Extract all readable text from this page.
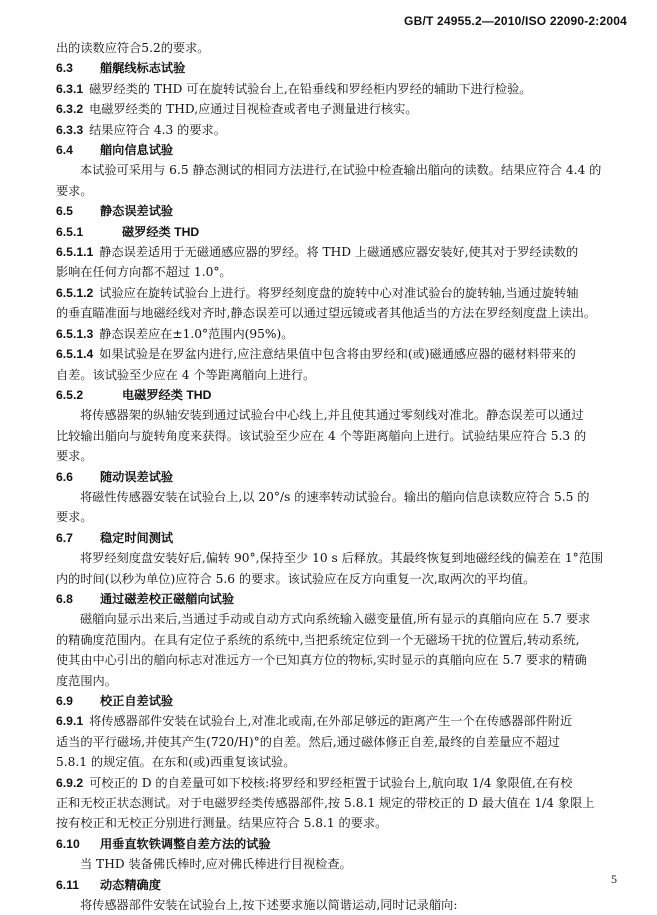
GB/T 24955.2—2010/ISO 22090-2:2004
出的读数应符合5.2的要求。
6.3 艏艉线标志试验
6.3.1 磁罗经类的 THD 可在旋转试验台上,在铅垂线和罗经柜内罗经的辅助下进行检验。
6.3.2 电磁罗经类的 THD,应通过目视检查或者电子测量进行核实。
6.3.3 结果应符合 4.3 的要求。
6.4 艏向信息试验
本试验可采用与 6.5 静态测试的相同方法进行,在试验中检查输出艏向的读数。结果应符合 4.4 的
要求。
6.5 静态误差试验
6.5.1	磁罗经类 THD
6.5.1.1 静态误差适用于无磁通感应器的罗经。将 THD 上磁通感应器安装好,使其对于罗经读数的
影响在任何方向都不超过 1.0°。
6.5.1.2 试验应在旋转试验台上进行。将罗经刻度盘的旋转中心对准试验台的旋转轴,当通过旋转轴
的垂直瞄准面与地磁经线对齐时,静态误差可以通过望远镜或者其他适当的方法在罗经刻度盘上读出。
6.5.1.3 静态误差应在±1.0°范围内(95%)。
6.5.1.4 如果试验是在罗盆内进行,应注意结果值中包含将由罗经和(或)磁通感应器的磁材料带来的
自差。该试验至少应在 4 个等距离艏向上进行。
6.5.2	电磁罗经类 THD
将传感器架的纵轴安装到通过试验台中心线上,并且使其通过零刻线对准北。静态误差可以通过
比较输出艏向与旋转角度来获得。该试验至少应在 4 个等距离艏向上进行。试验结果应符合 5.3 的
要求。
6.6 随动误差试验
将磁性传感器安装在试验台上,以 20°/s 的速率转动试验台。输出的艏向信息读数应符合 5.5 的
要求。
6.7 稳定时间测试
将罗经刻度盘安装好后,偏转 90°,保持至少 10 s 后释放。其最终恢复到地磁经线的偏差在 1°范围
内的时间(以秒为单位)应符合 5.6 的要求。该试验应在反方向重复一次,取两次的平均值。
6.8 通过磁差校正磁艏向试验
磁艏向显示出来后,当通过手动或自动方式向系统输入磁变量值,所有显示的真艏向应在 5.7 要求
的精确度范围内。在具有定位子系统的系统中,当把系统定位到一个无磁场干扰的位置后,转动系统,
使其由中心引出的艏向标志对准远方一个已知真方位的物标,实时显示的真艏向应在 5.7 要求的精确
度范围内。
6.9 校正自差试验
6.9.1 将传感器部件安装在试验台上,对准北或南,在外部足够远的距离产生一个在传感器部件附近
适当的平行磁场,并使其产生(720/H)°的自差。然后,通过磁体修正自差,最终的自差量应不超过
5.8.1 的规定值。在东和(或)西重复该试验。
6.9.2 可校正的 D 的自差量可如下校核:将罗经和罗经柜置于试验台上,航向取 1/4 象限值,在有校
正和无校正状态测试。对于电磁罗经类传感器部件,按 5.8.1 规定的带校正的 D 最大值在 1/4 象限上
按有校正和无校正分别进行测量。结果应符合 5.8.1 的要求。
6.10 用垂直软铁调整自差方法的试验
当 THD 装备佛氏棒时,应对佛氏棒进行目视检查。
6.11 动态精确度
将传感器部件安装在试验台上,按下述要求施以简谐运动,同时记录艏向:
5
